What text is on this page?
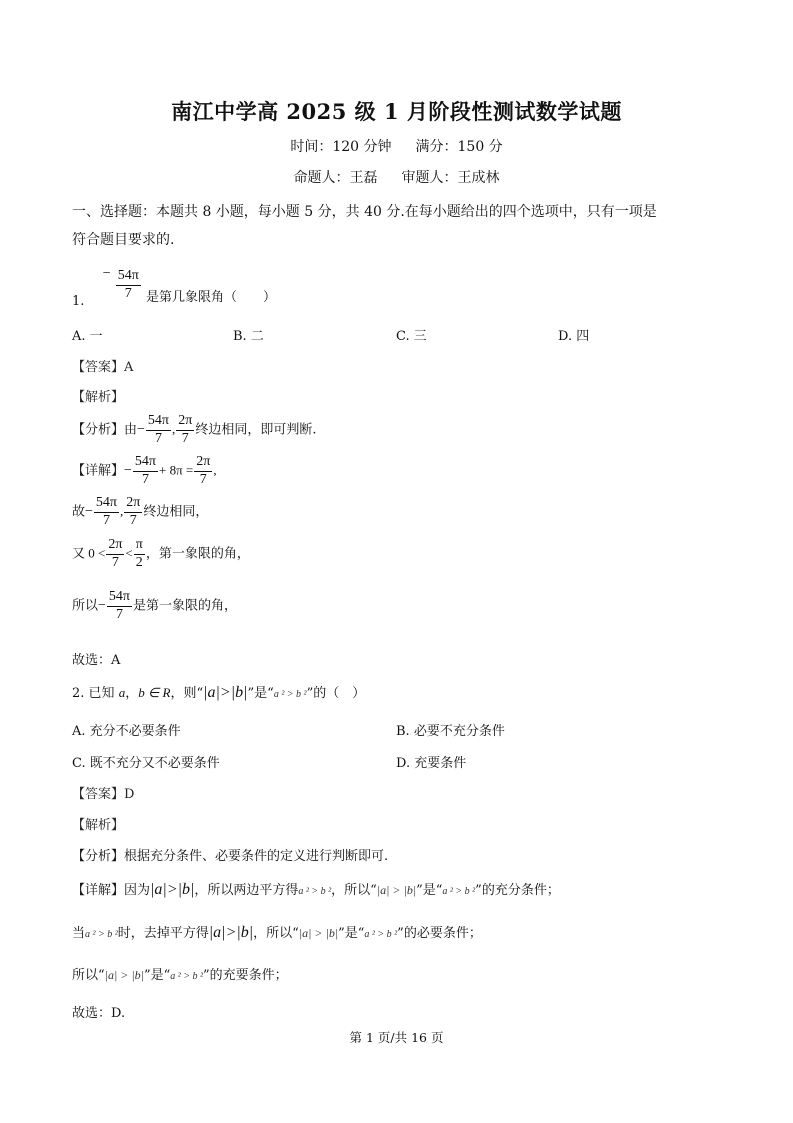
南江中学高 2025 级 1 月阶段性测试数学试题
时间：120 分钟 满分：150 分
命题人：王磊 审题人：王成林
一、选择题：本题共 8 小题，每小题 5 分，共 40 分.在每小题给出的四个选项中，只有一项是
符合题目要求的.
1.  − $\frac{54\pi}{7}$ 是第几象限角（　　）
A. 一	B. 二	C. 三	D. 四
【答案】A
【解析】
【分析】由− $\frac{54\pi}{7}$ , $\frac{2\pi}{7}$ 终边相同，即可判断.
【详解】− $\frac{54\pi}{7} + 8\pi = \frac{2\pi}{7}$ ,
故− $\frac{54\pi}{7}$ , $\frac{2\pi}{7}$ 终边相同，
又 $0 < \frac{2\pi}{7} < \frac{\pi}{2}$ ，第一象限的角，
所以− $\frac{54\pi}{7}$ 是第一象限的角，
故选：A
2. 已知 a，b ∈ R，则“|a|>|b|”是“a ² > b ²”的（　）
A. 充分不必要条件	B. 必要不充分条件
C. 既不充分又不必要条件	D. 充要条件
【答案】D
【解析】
【分析】根据充分条件、必要条件的定义进行判断即可.
【详解】因为|a|>|b|，所以两边平方得a ² > b ²，所以“|a| > |b|”是“a ² > b ²”的充分条件；
当a ² > b ²时，去掉平方得|a|>|b|，所以“|a| > |b|”是“a ² > b ²”的必要条件；
所以“|a| > |b|”是“a ² > b ²”的充要条件；
故选：D.
第 1 页/共 16 页
